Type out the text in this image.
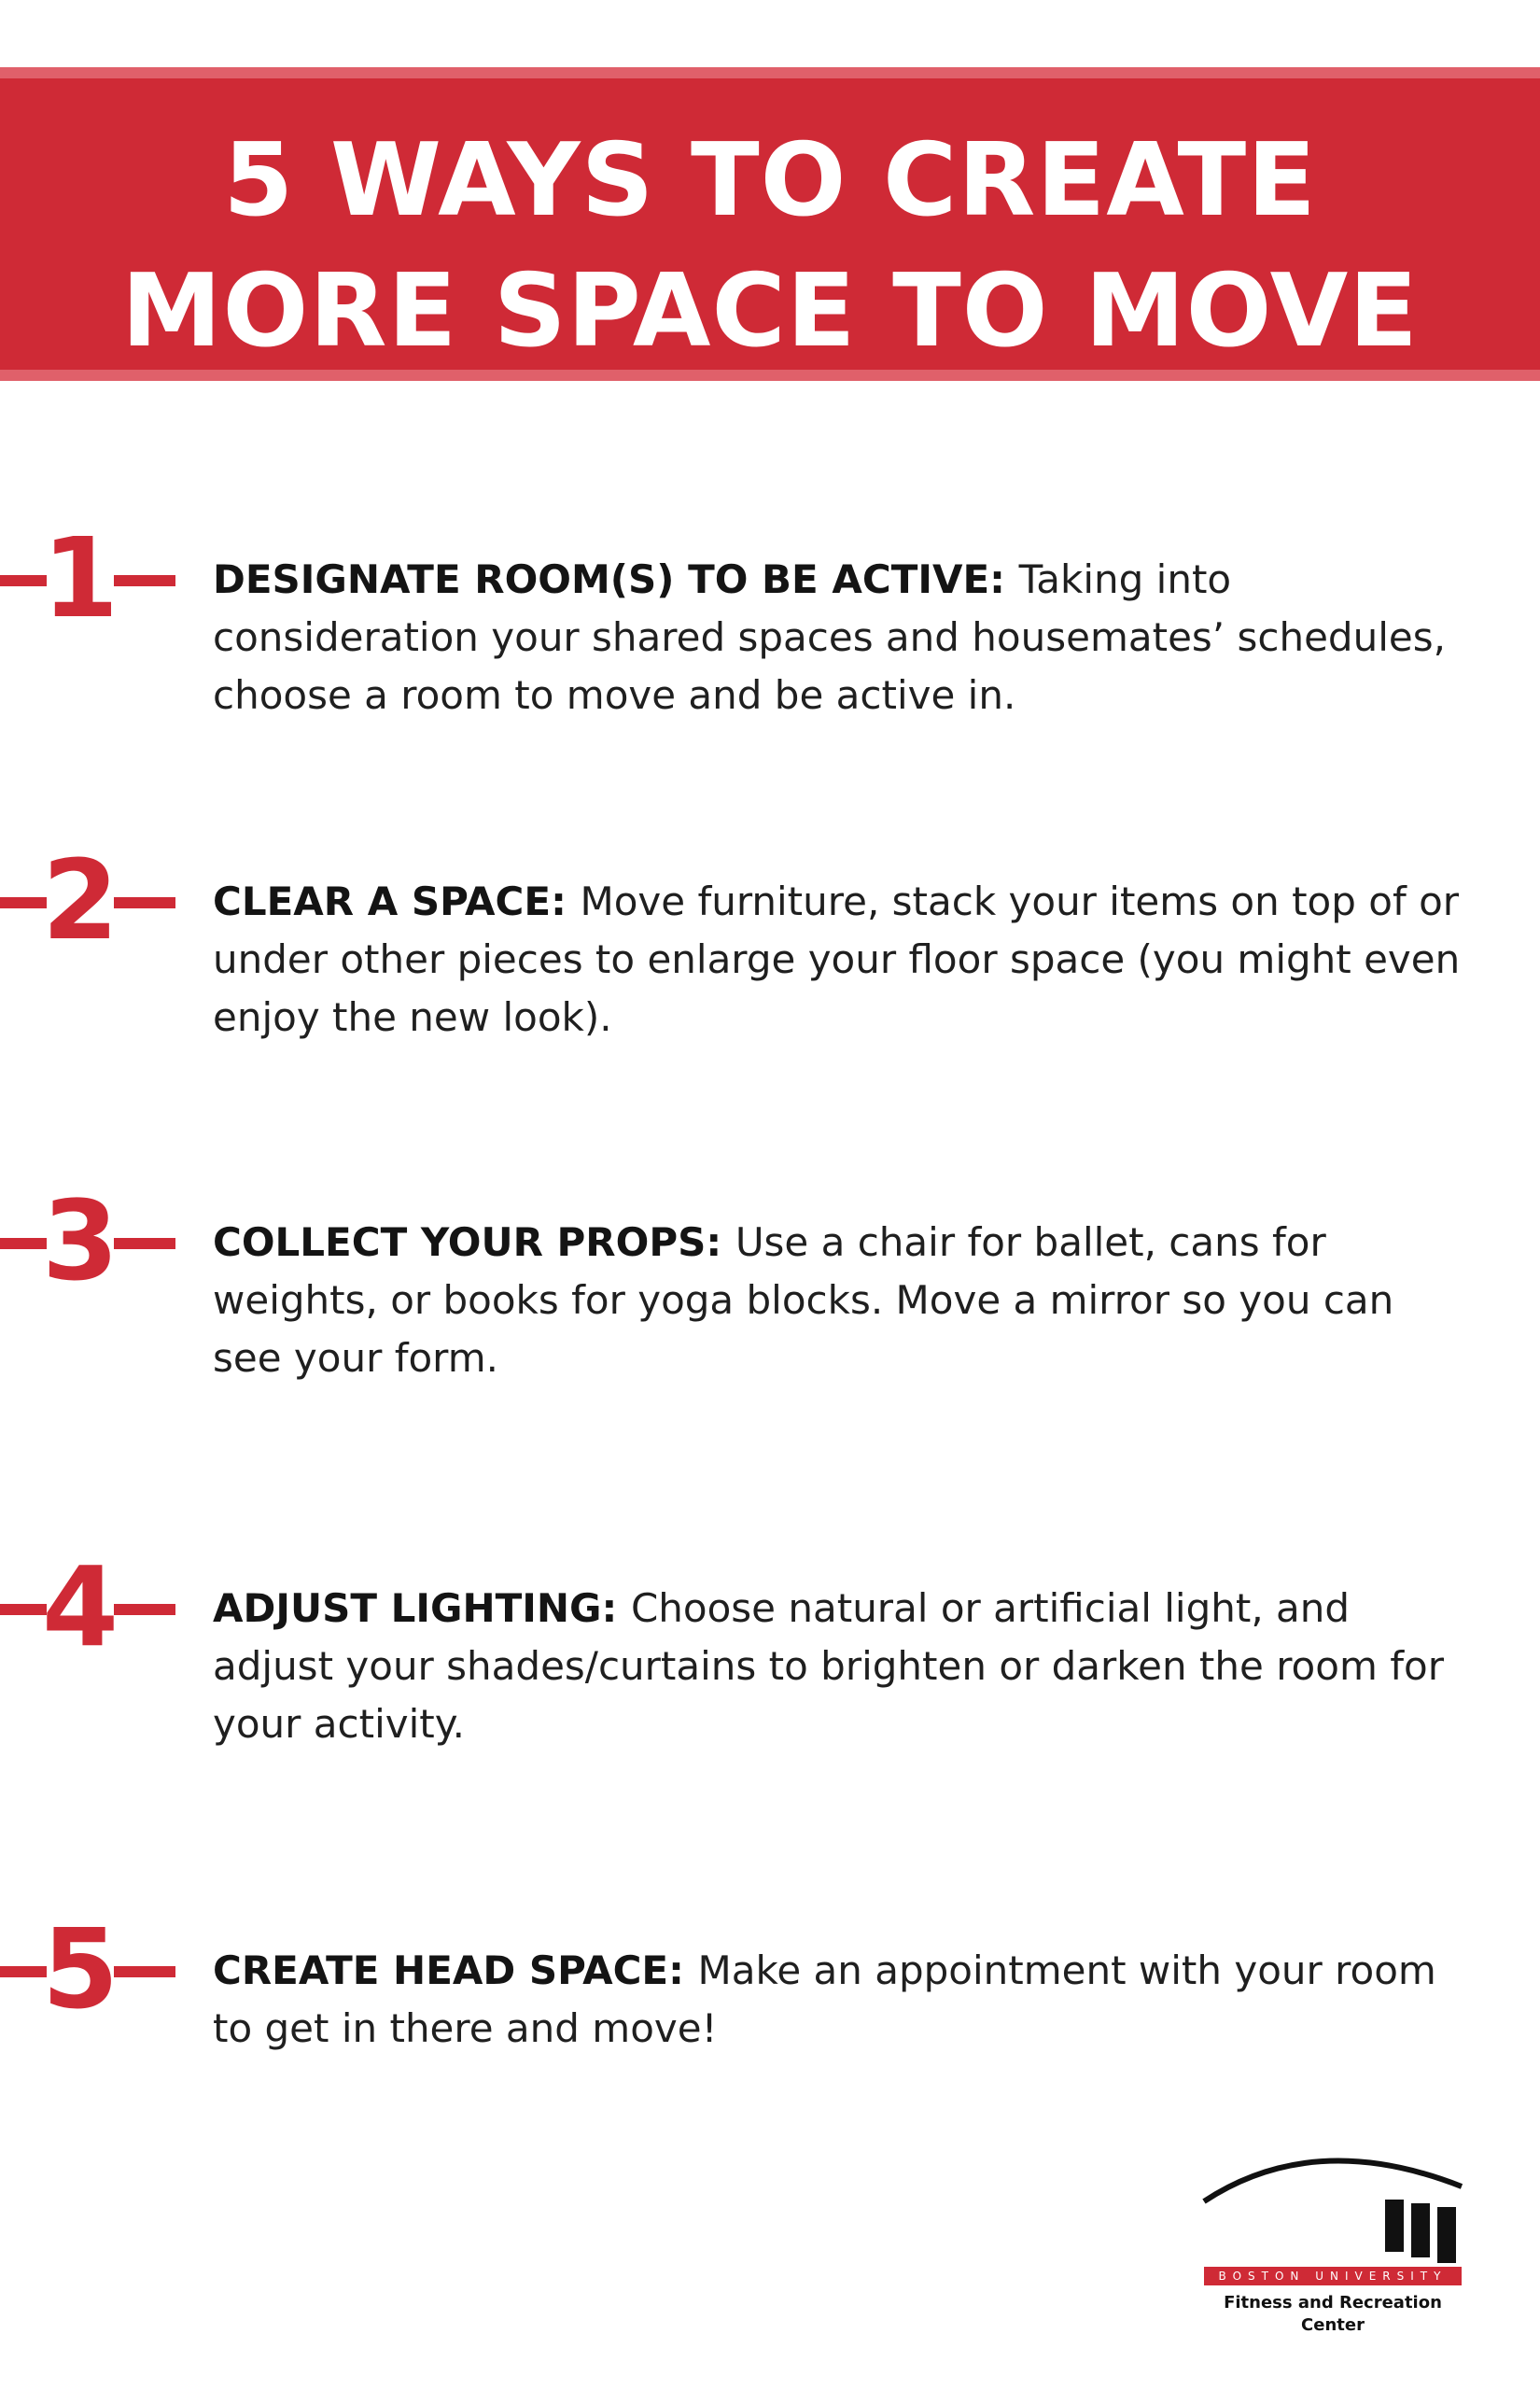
5 WAYS TO CREATE
MORE SPACE TO MOVE
1 DESIGNATE ROOM(S) TO BE ACTIVE: Taking into consideration your shared spaces and housemates’ schedules, choose a room to move and be active in.
2 CLEAR A SPACE: Move furniture, stack your items on top of or under other pieces to enlarge your floor space (you might even enjoy the new look).
3 COLLECT YOUR PROPS: Use a chair for ballet, cans for weights, or books for yoga blocks. Move a mirror so you can see your form.
4 ADJUST LIGHTING: Choose natural or artificial light, and adjust your shades/curtains to brighten or darken the room for your activity.
5 CREATE HEAD SPACE: Make an appointment with your room to get in there and move!
BOSTON UNIVERSITY
Fitness and Recreation Center
